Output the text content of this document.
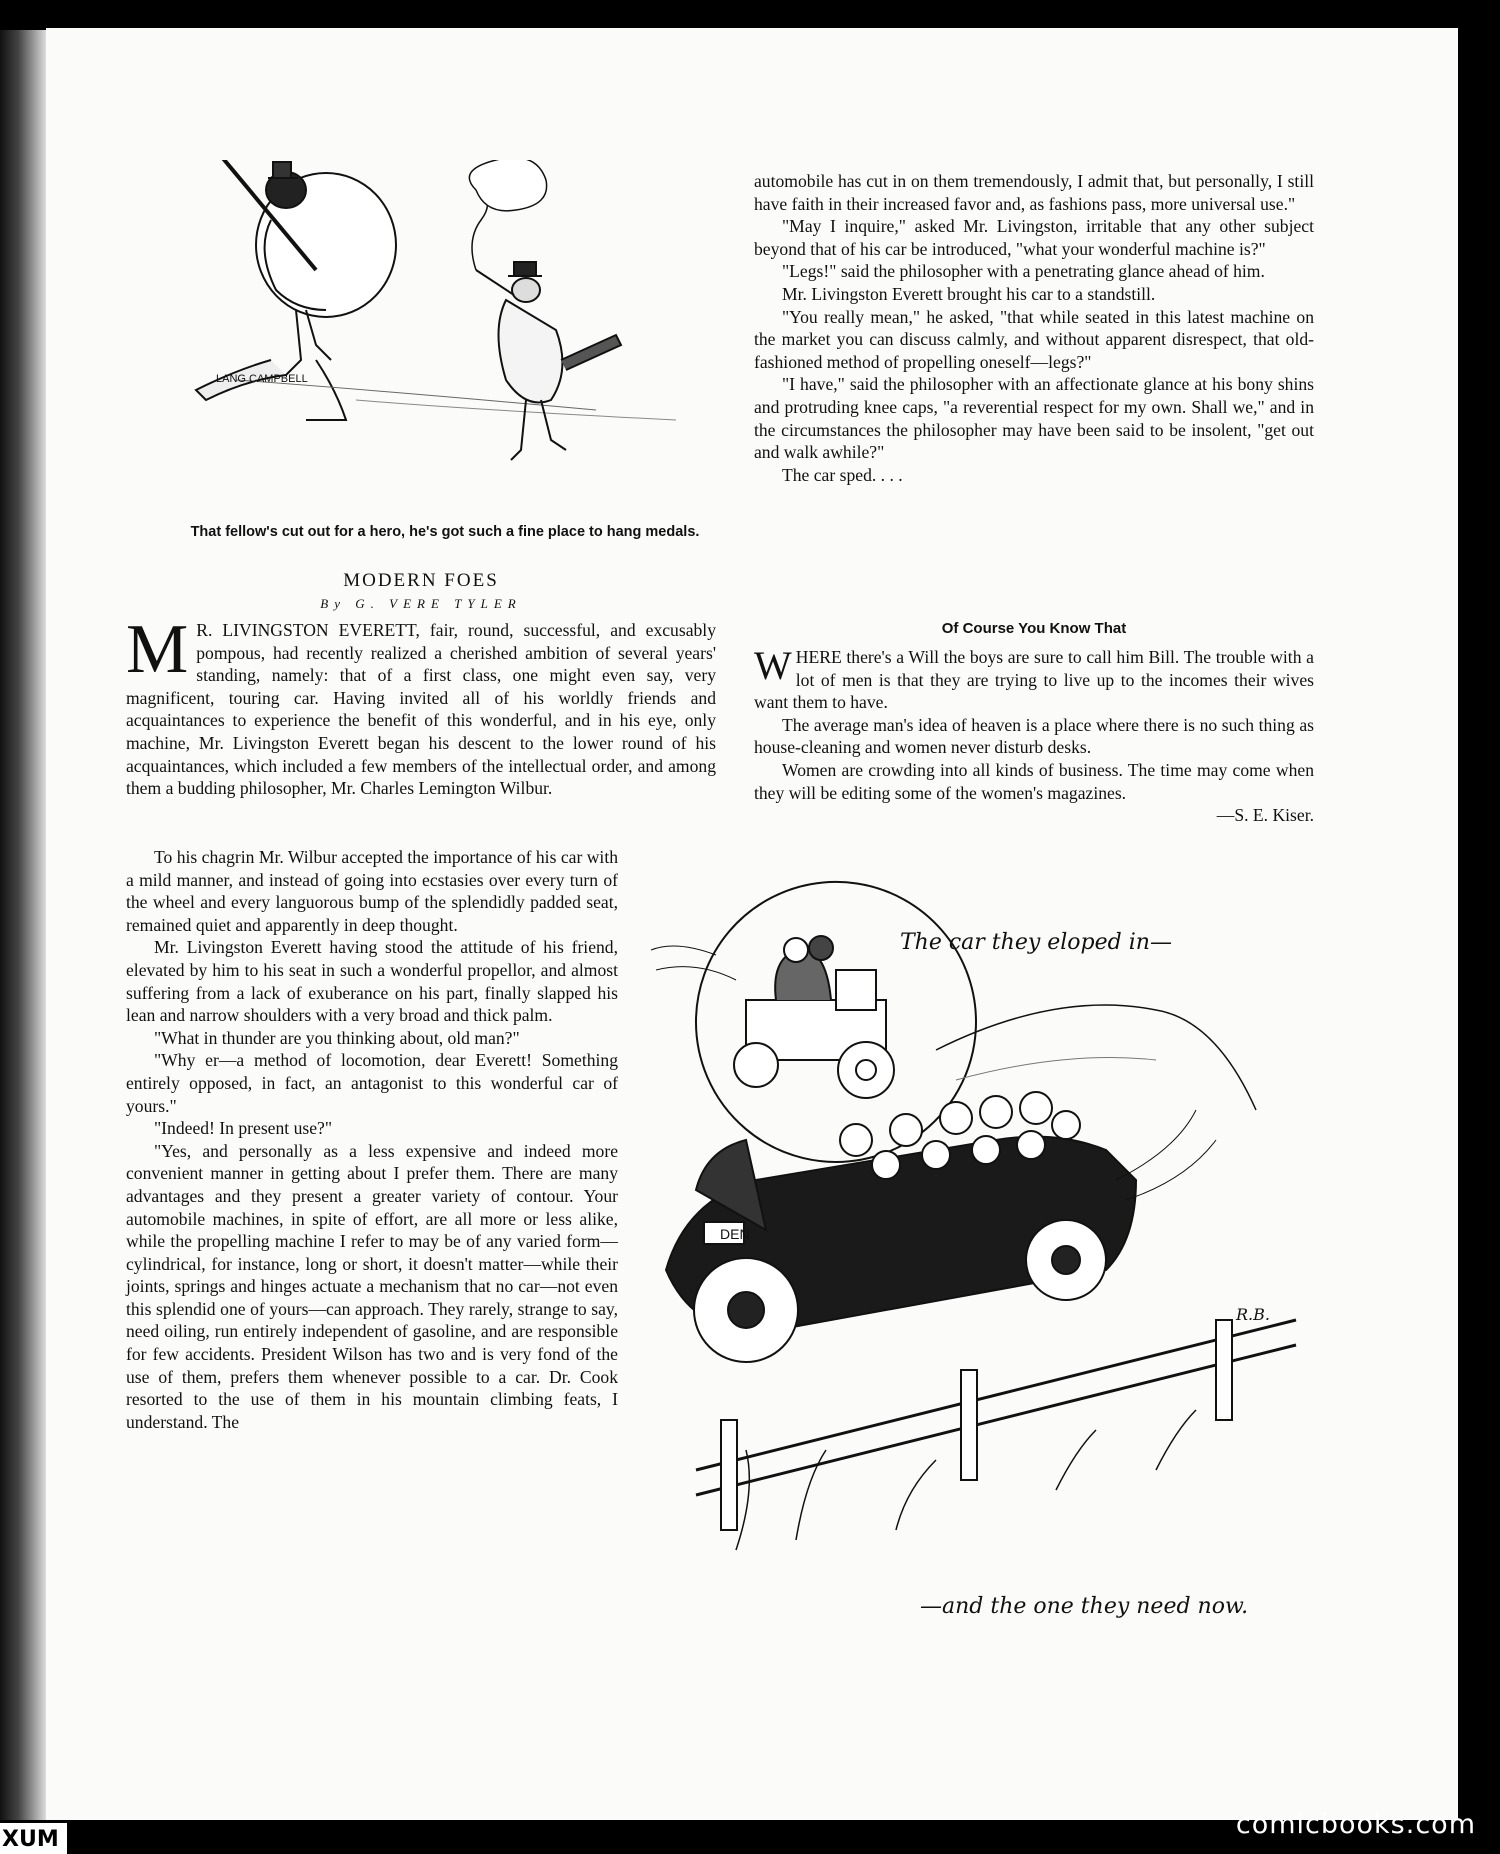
LANG CAMPBELL
That fellow's cut out for a hero, he's got such a fine place to hang medals.
MODERN FOES
By G. VERE TYLER

M R. LIVINGSTON EVERETT, fair, round, successful, and excusably pompous, had recently realized a cherished ambition of several years' standing, namely: that of a first class, one might even say, very magnificent, touring car. Having invited all of his worldly friends and acquaintances to experience the benefit of this wonderful, and in his eye, only machine, Mr. Livingston Everett began his descent to the lower round of his acquaintances, which included a few members of the intellectual order, and among them a budding philosopher, Mr. Charles Lemington Wilbur.

To his chagrin Mr. Wilbur accepted the importance of his car with a mild manner, and instead of going into ecstasies over every turn of the wheel and every languorous bump of the splendidly padded seat, remained quiet and apparently in deep thought.

Mr. Livingston Everett having stood the attitude of his friend, elevated by him to his seat in such a wonderful propellor, and almost suffering from a lack of exuberance on his part, finally slapped his lean and narrow shoulders with a very broad and thick palm.

"What in thunder are you thinking about, old man?"

"Why er—a method of locomotion, dear Everett! Something entirely opposed, in fact, an antagonist to this wonderful car of yours."

"Indeed! In present use?"

"Yes, and personally as a less expensive and indeed more convenient manner in getting about I prefer them. There are many advantages and they present a greater variety of contour. Your automobile machines, in spite of effort, are all more or less alike, while the propelling machine I refer to may be of any varied form—cylindrical, for instance, long or short, it doesn't matter—while their joints, springs and hinges actuate a mechanism that no car—not even this splendid one of yours—can approach. They rarely, strange to say, need oiling, run entirely independent of gasoline, and are responsible for few accidents. President Wilson has two and is very fond of the use of them, prefers them whenever possible to a car. Dr. Cook resorted to the use of them in his mountain climbing feats, I understand. The

automobile has cut in on them tremendously, I admit that, but personally, I still have faith in their increased favor and, as fashions pass, more universal use."

"May I inquire," asked Mr. Livingston, irritable that any other subject beyond that of his car be introduced, "what your wonderful machine is?"

"Legs!" said the philosopher with a penetrating glance ahead of him.

Mr. Livingston Everett brought his car to a standstill.

"You really mean," he asked, "that while seated in this latest machine on the market you can discuss calmly, and without apparent disrespect, that old-fashioned method of propelling oneself—legs?"

"I have," said the philosopher with an affectionate glance at his bony shins and protruding knee caps, "a reverential respect for my own. Shall we," and in the circumstances the philosopher may have been said to be insolent, "get out and walk awhile?"

The car sped. . . .

Of Course You Know That

WHERE there's a Will the boys are sure to call him Bill. The trouble with a lot of men is that they are trying to live up to the incomes their wives want them to have.

The average man's idea of heaven is a place where there is no such thing as house-cleaning and women never disturb desks.

Women are crowding into all kinds of business. The time may come when they will be editing some of the women's magazines.

—S. E. Kiser.

DEN
R.B.
The car they eloped in—
—and the one they need now.
comicbooks.com
XUM
